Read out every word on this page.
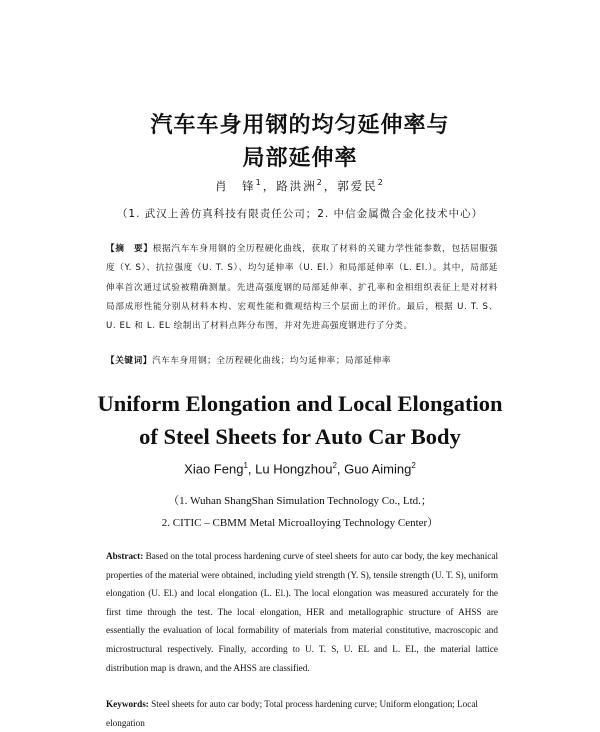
汽车车身用钢的均匀延伸率与
局部延伸率
肖　锋$^1$，路洪洲$^2$，郭爱民$^2$
（1. 武汉上善仿真科技有限责任公司；2. 中信金属微合金化技术中心）
【摘　要】根据汽车车身用钢的全历程硬化曲线，获取了材料的关键力学性能参数，包括屈服强度（Y. S）、抗拉强度（U. T. S）、均匀延伸率（U. El.）和局部延伸率（L. El.）。其中，局部延伸率首次通过试验被精确测量。先进高强度钢的局部延伸率、扩孔率和金相组织表征上是对材料局部成形性能分别从材料本构、宏观性能和微观结构三个层面上的评价。最后，根据 U. T. S、U. EL 和 L. EL 绘制出了材料点阵分布图，并对先进高强度钢进行了分类。
【关键词】汽车车身用钢；全历程硬化曲线；均匀延伸率；局部延伸率
Uniform Elongation and Local Elongation
of Steel Sheets for Auto Car Body
Xiao Feng$^1$, Lu Hongzhou$^2$, Guo Aiming$^2$
（1. Wuhan ShangShan Simulation Technology Co., Ltd.；
2. CITIC – CBMM Metal Microalloying Technology Center）
Abstract: Based on the total process hardening curve of steel sheets for auto car body, the key mechanical properties of the material were obtained, including yield strength (Y. S), tensile strength (U. T. S), uniform elongation (U. El.) and local elongation (L. El.). The local elongation was measured accurately for the first time through the test. The local elongation, HER and metallographic structure of AHSS are essentially the evaluation of local formability of materials from material constitutive, macroscopic and microstructural respectively. Finally, according to U. T. S, U. EL and L. EL, the material lattice distribution map is drawn, and the AHSS are classified.
Keywords: Steel sheets for auto car body; Total process hardening curve; Uniform elongation; Local elongation
